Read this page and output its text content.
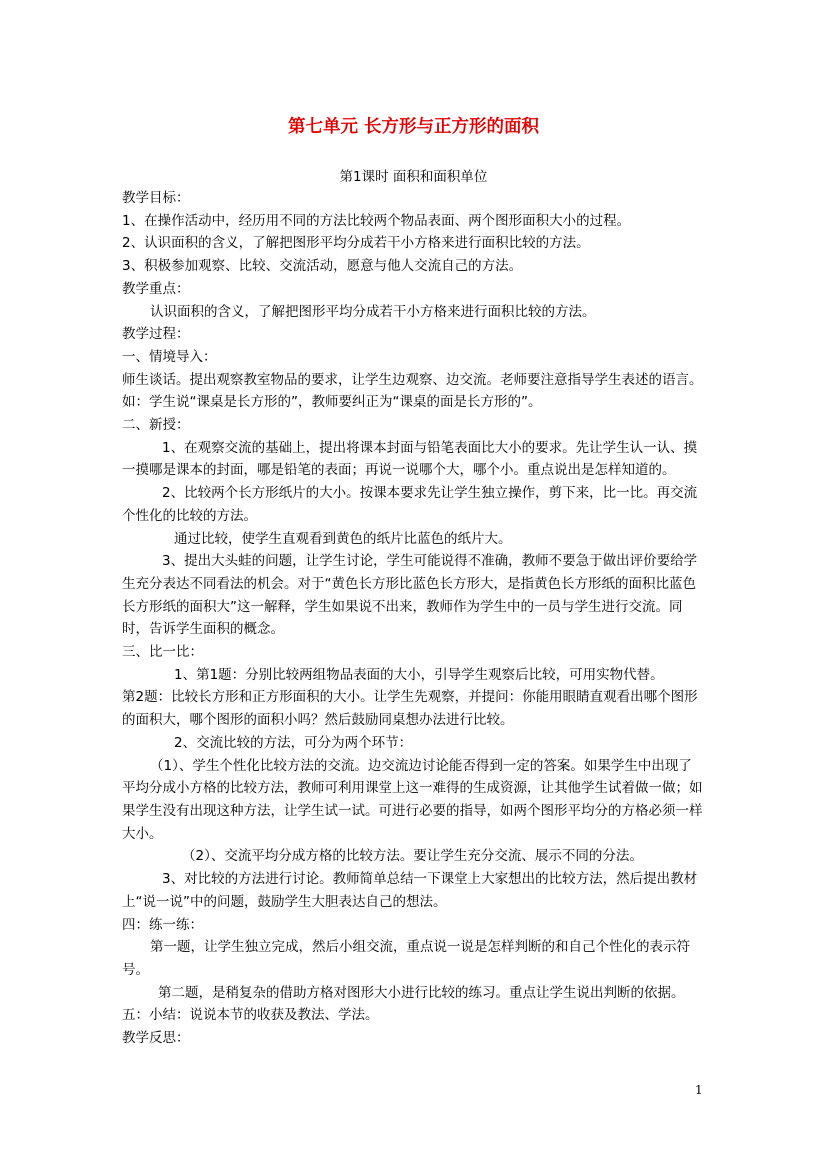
第七单元 长方形与正方形的面积
第1课时 面积和面积单位

教学目标：

1、在操作活动中，经历用不同的方法比较两个物品表面、两个图形面积大小的过程。

2、认识面积的含义，了解把图形平均分成若干小方格来进行面积比较的方法。

3、积极参加观察、比较、交流活动，愿意与他人交流自己的方法。

教学重点：

认识面积的含义，了解把图形平均分成若干小方格来进行面积比较的方法。

教学过程：

一、情境导入：

师生谈话。提出观察教室物品的要求，让学生边观察、边交流。老师要注意指导学生表述的语言。如：学生说“课桌是长方形的”，教师要纠正为“课桌的面是长方形的”。

二、新授：

1、在观察交流的基础上，提出将课本封面与铅笔表面比大小的要求。先让学生认一认、摸一摸哪是课本的封面，哪是铅笔的表面；再说一说哪个大，哪个小。重点说出是怎样知道的。

2、比较两个长方形纸片的大小。按课本要求先让学生独立操作，剪下来，比一比。再交流个性化的比较的方法。

通过比较，使学生直观看到黄色的纸片比蓝色的纸片大。

3、提出大头蛙的问题，让学生讨论，学生可能说得不准确，教师不要急于做出评价要给学生充分表达不同看法的机会。对于“黄色长方形比蓝色长方形大，是指黄色长方形纸的面积比蓝色长方形纸的面积大”这一解释，学生如果说不出来，教师作为学生中的一员与学生进行交流。同时，告诉学生面积的概念。

三、比一比：

1、第1题：分别比较两组物品表面的大小，引导学生观察后比较，可用实物代替。

第2题：比较长方形和正方形面积的大小。让学生先观察，并提问：你能用眼睛直观看出哪个图形的面积大，哪个图形的面积小吗？然后鼓励同桌想办法进行比较。

2、交流比较的方法，可分为两个环节：

（1）、学生个性化比较方法的交流。边交流边讨论能否得到一定的答案。如果学生中出现了平均分成小方格的比较方法，教师可利用课堂上这一难得的生成资源，让其他学生试着做一做；如果学生没有出现这种方法，让学生试一试。可进行必要的指导，如两个图形平均分的方格必须一样大小。

（2）、交流平均分成方格的比较方法。要让学生充分交流、展示不同的分法。

3、对比较的方法进行讨论。教师简单总结一下课堂上大家想出的比较方法，然后提出教材上“说一说”中的问题，鼓励学生大胆表达自己的想法。

四：练一练：

第一题，让学生独立完成，然后小组交流，重点说一说是怎样判断的和自己个性化的表示符号。

第二题，是稍复杂的借助方格对图形大小进行比较的练习。重点让学生说出判断的依据。

五：小结：说说本节的收获及教法、学法。

教学反思：

1
